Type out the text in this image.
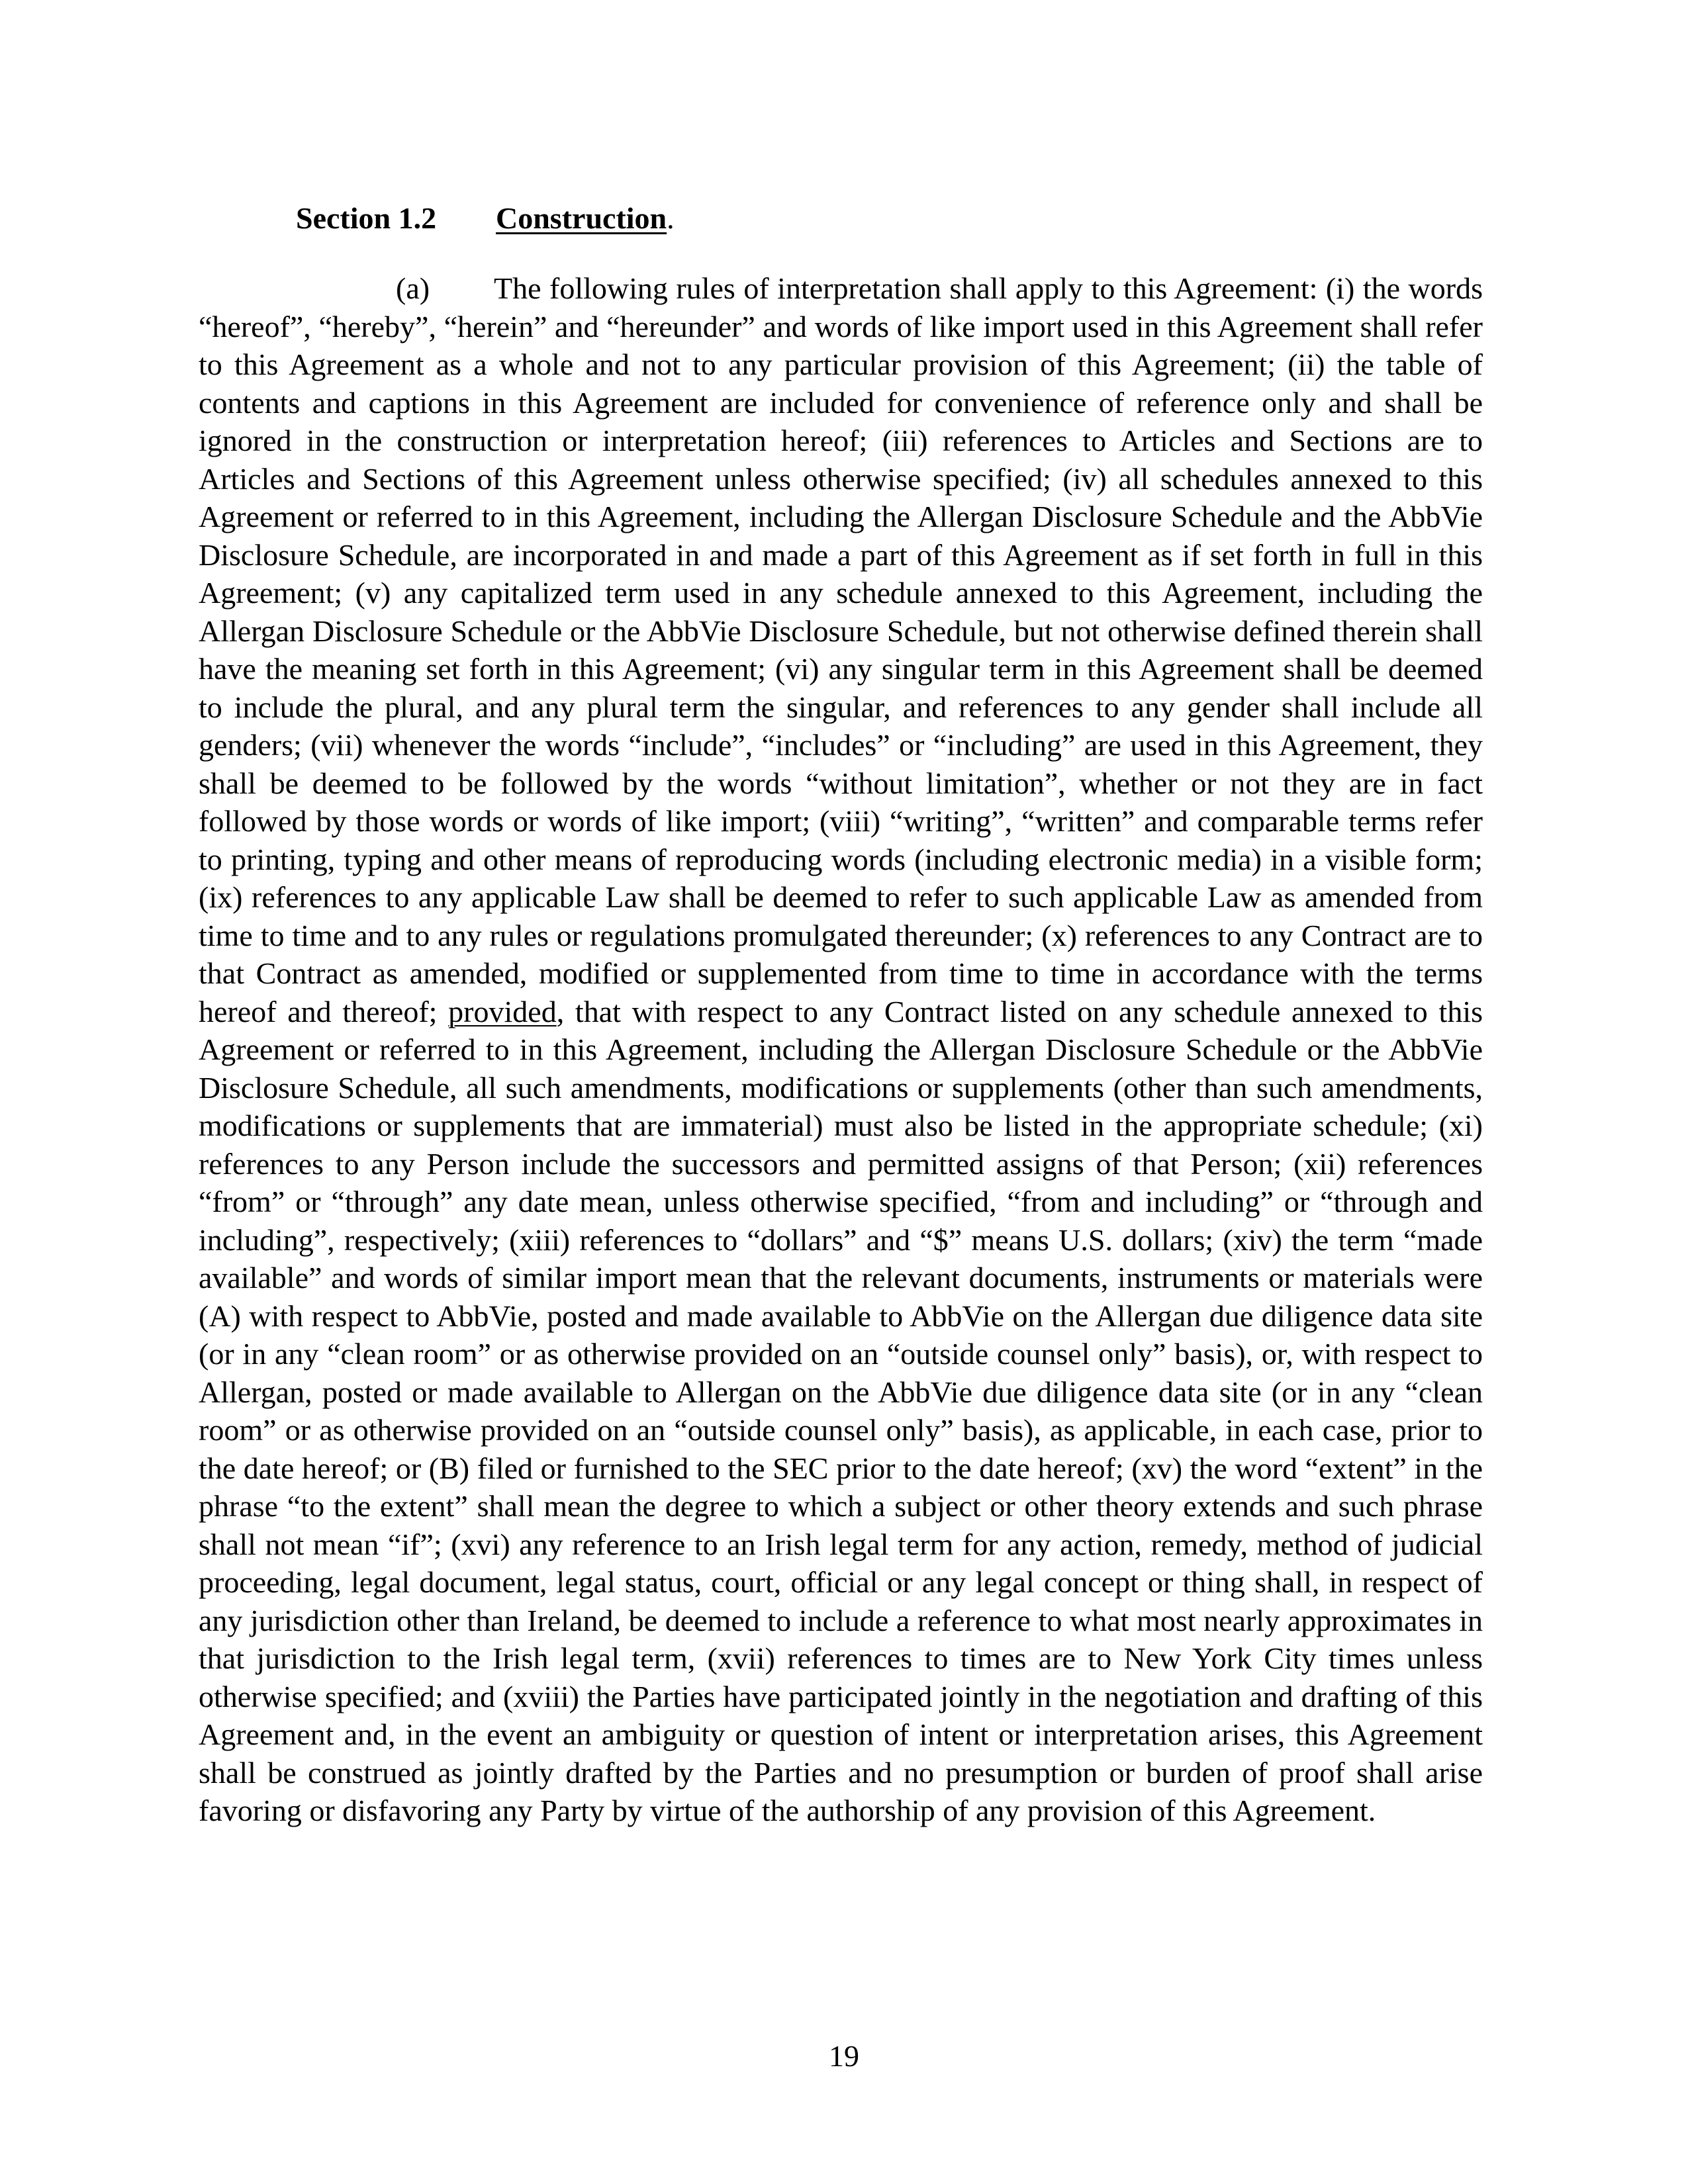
Section 1.2 Construction.

(a) The following rules of interpretation shall apply to this Agreement: (i) the words “hereof”, “hereby”, “herein” and “hereunder” and words of like import used in this Agreement shall refer to this Agreement as a whole and not to any particular provision of this Agreement; (ii) the table of contents and captions in this Agreement are included for convenience of reference only and shall be ignored in the construction or interpretation hereof; (iii) references to Articles and Sections are to Articles and Sections of this Agreement unless otherwise specified; (iv) all schedules annexed to this Agreement or referred to in this Agreement, including the Allergan Disclosure Schedule and the AbbVie Disclosure Schedule, are incorporated in and made a part of this Agreement as if set forth in full in this Agreement; (v) any capitalized term used in any schedule annexed to this Agreement, including the Allergan Disclosure Schedule or the AbbVie Disclosure Schedule, but not otherwise defined therein shall have the meaning set forth in this Agreement; (vi) any singular term in this Agreement shall be deemed to include the plural, and any plural term the singular, and references to any gender shall include all genders; (vii) whenever the words “include”, “includes” or “including” are used in this Agreement, they shall be deemed to be followed by the words “without limitation”, whether or not they are in fact followed by those words or words of like import; (viii) “writing”, “written” and comparable terms refer to printing, typing and other means of reproducing words (including electronic media) in a visible form; (ix) references to any applicable Law shall be deemed to refer to such applicable Law as amended from time to time and to any rules or regulations promulgated thereunder; (x) references to any Contract are to that Contract as amended, modified or supplemented from time to time in accordance with the terms hereof and thereof; provided, that with respect to any Contract listed on any schedule annexed to this Agreement or referred to in this Agreement, including the Allergan Disclosure Schedule or the AbbVie Disclosure Schedule, all such amendments, modifications or supplements (other than such amendments, modifications or supplements that are immaterial) must also be listed in the appropriate schedule; (xi) references to any Person include the successors and permitted assigns of that Person; (xii) references “from” or “through” any date mean, unless otherwise specified, “from and including” or “through and including”, respectively; (xiii) references to “dollars” and “$” means U.S. dollars; (xiv) the term “made available” and words of similar import mean that the relevant documents, instruments or materials were (A) with respect to AbbVie, posted and made available to AbbVie on the Allergan due diligence data site (or in any “clean room” or as otherwise provided on an “outside counsel only” basis), or, with respect to Allergan, posted or made available to Allergan on the AbbVie due diligence data site (or in any “clean room” or as otherwise provided on an “outside counsel only” basis), as applicable, in each case, prior to the date hereof; or (B) filed or furnished to the SEC prior to the date hereof; (xv) the word “extent” in the phrase “to the extent” shall mean the degree to which a subject or other theory extends and such phrase shall not mean “if”; (xvi) any reference to an Irish legal term for any action, remedy, method of judicial proceeding, legal document, legal status, court, official or any legal concept or thing shall, in respect of any jurisdiction other than Ireland, be deemed to include a reference to what most nearly approximates in that jurisdiction to the Irish legal term, (xvii) references to times are to New York City times unless otherwise specified; and (xviii) the Parties have participated jointly in the negotiation and drafting of this Agreement and, in the event an ambiguity or question of intent or interpretation arises, this Agreement shall be construed as jointly drafted by the Parties and no presumption or burden of proof shall arise favoring or disfavoring any Party by virtue of the authorship of any provision of this Agreement.

19
